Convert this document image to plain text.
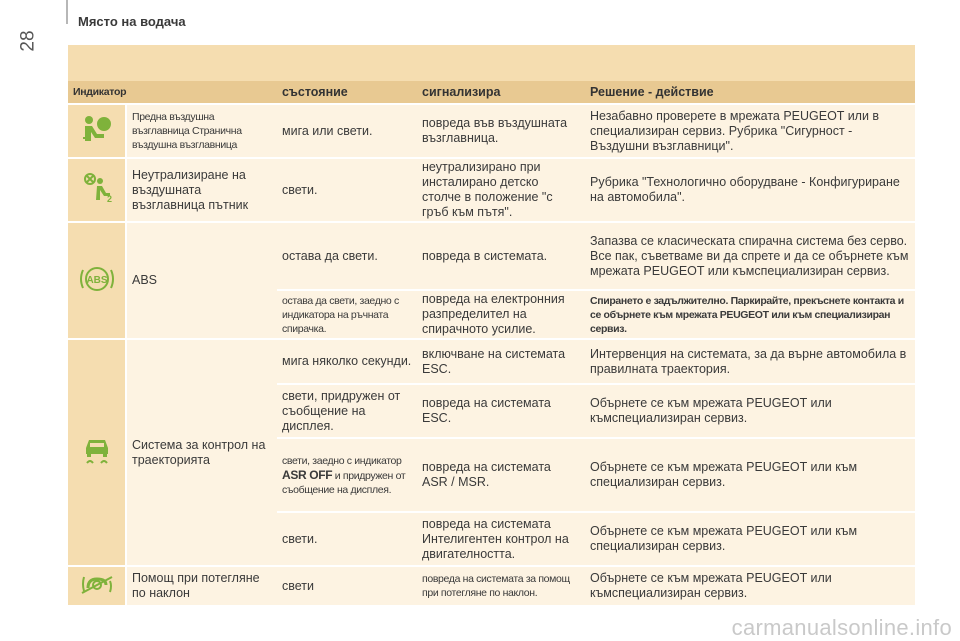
28
Място на водача
Индикатор		състояние	сигнализира	Решение - действие
	Предна въздушна възглавница Странична въздушна възглавница	мига или свети.	повреда във въздушната възглавница.	Незабавно проверете в мрежата PEUGEOT или в специализиран сервиз. Рубрика "Сигурност - Въздушни възглавници".

2	Неутрализиране на въздушната възглавница пътник	свети.	неутрализирано при инсталирано детско столче в положение "с гръб към пътя".	Рубрика "Технологично оборудване - Конфигуриране на автомобила".

ABS	ABS	остава да свети.	повреда в системата.	Запазва се класическата спирачна система без серво. Все пак, съветваме ви да спрете и да се обърнете към мрежата PEUGEOT или къмспециализиран сервиз.
		остава да свети, заедно с индикатора на ръчната спирачка.	повреда на електронния разпределител на спирачното усилие.	Спирането е задължително. Паркирайте, прекъснете контакта и се обърнете към мрежата PEUGEOT или към специализиран сервиз.
	Система за контрол на траекторията	мига няколко секунди.	включване на системата ESC.	Интервенция на системата, за да върне автомобила в правилната траектория.
		свети, придружен от съобщение на дисплея.	повреда на системата ESC.	Обърнете се към мрежата PEUGEOT или къмспециализиран сервиз.
		свети, заедно с индикатор ASR OFF и придружен от съобщение на дисплея.	повреда на системата ASR / MSR.	Обърнете се към мрежата PEUGEOT или към специализиран сервиз.
		свети.	повреда на системата Интелигентен контрол на двигателността.	Обърнете се към мрежата PEUGEOT или към специализиран сервиз.
	Помощ при потегляне по наклон	свети	повреда на системата за помощ при потегляне по наклон.	Обърнете се към мрежата PEUGEOT или къмспециализиран сервиз.
carmanualsonline.info
